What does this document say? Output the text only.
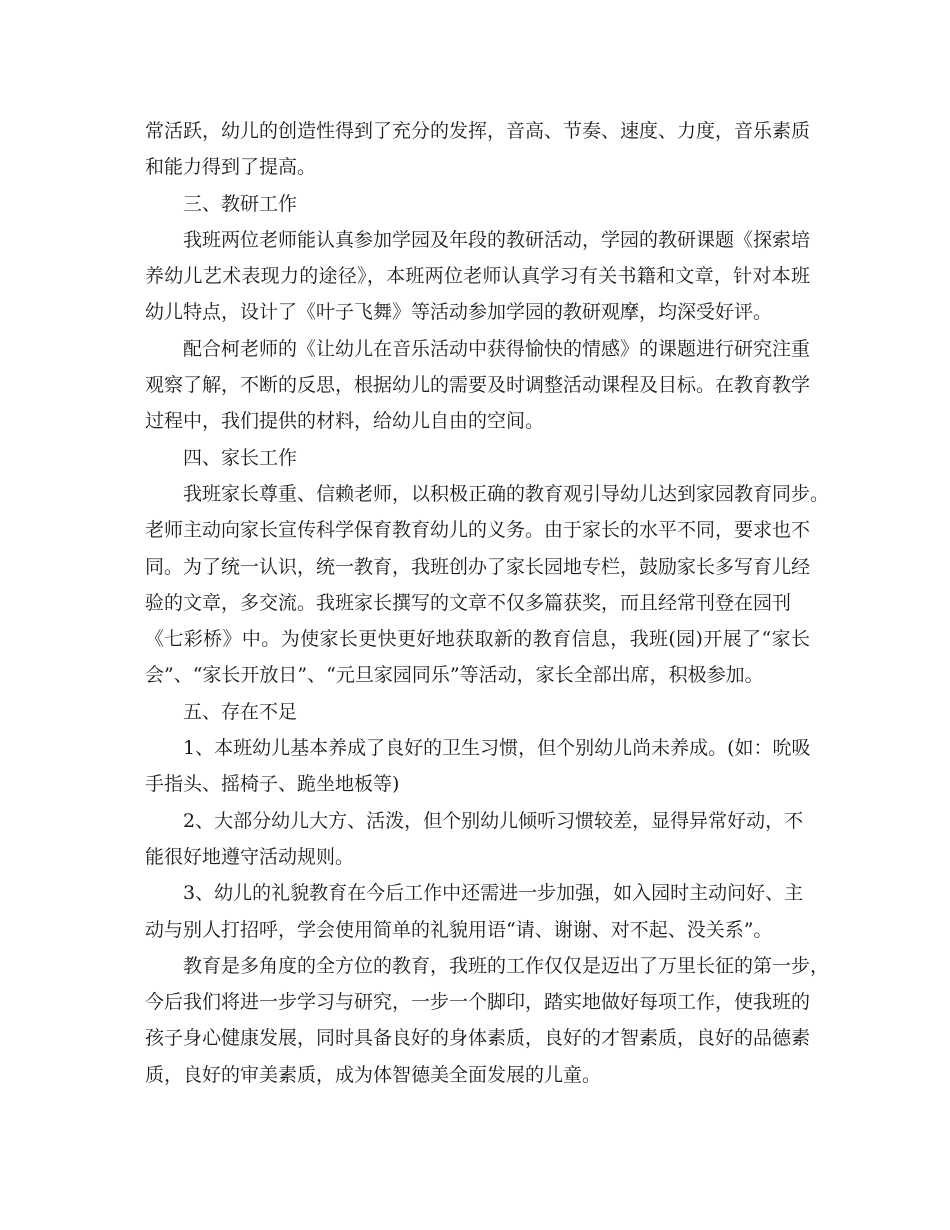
常活跃，幼儿的创造性得到了充分的发挥，音高、节奏、速度、力度，音乐素质
和能力得到了提高。
三、教研工作
我班两位老师能认真参加学园及年段的教研活动，学园的教研课题《探索培
养幼儿艺术表现力的途径》，本班两位老师认真学习有关书籍和文章，针对本班
幼儿特点，设计了《叶子飞舞》等活动参加学园的教研观摩，均深受好评。
配合柯老师的《让幼儿在音乐活动中获得愉快的情感》的课题进行研究注重
观察了解，不断的反思，根据幼儿的需要及时调整活动课程及目标。在教育教学
过程中，我们提供的材料，给幼儿自由的空间。
四、家长工作
我班家长尊重、信赖老师，以积极正确的教育观引导幼儿达到家园教育同步。
老师主动向家长宣传科学保育教育幼儿的义务。由于家长的水平不同，要求也不
同。为了统一认识，统一教育，我班创办了家长园地专栏，鼓励家长多写育儿经
验的文章，多交流。我班家长撰写的文章不仅多篇获奖，而且经常刊登在园刊
《七彩桥》中。为使家长更快更好地获取新的教育信息，我班(园)开展了“家长
会”、“家长开放日”、“元旦家园同乐”等活动，家长全部出席，积极参加。
五、存在不足
1、本班幼儿基本养成了良好的卫生习惯，但个别幼儿尚未养成。(如：吮吸
手指头、摇椅子、跪坐地板等)
2、大部分幼儿大方、活泼，但个别幼儿倾听习惯较差，显得异常好动，不
能很好地遵守活动规则。
3、幼儿的礼貌教育在今后工作中还需进一步加强，如入园时主动问好、主
动与别人打招呼，学会使用简单的礼貌用语“请、谢谢、对不起、没关系”。
教育是多角度的全方位的教育，我班的工作仅仅是迈出了万里长征的第一步，
今后我们将进一步学习与研究，一步一个脚印，踏实地做好每项工作，使我班的
孩子身心健康发展，同时具备良好的身体素质，良好的才智素质，良好的品德素
质，良好的审美素质，成为体智德美全面发展的儿童。
